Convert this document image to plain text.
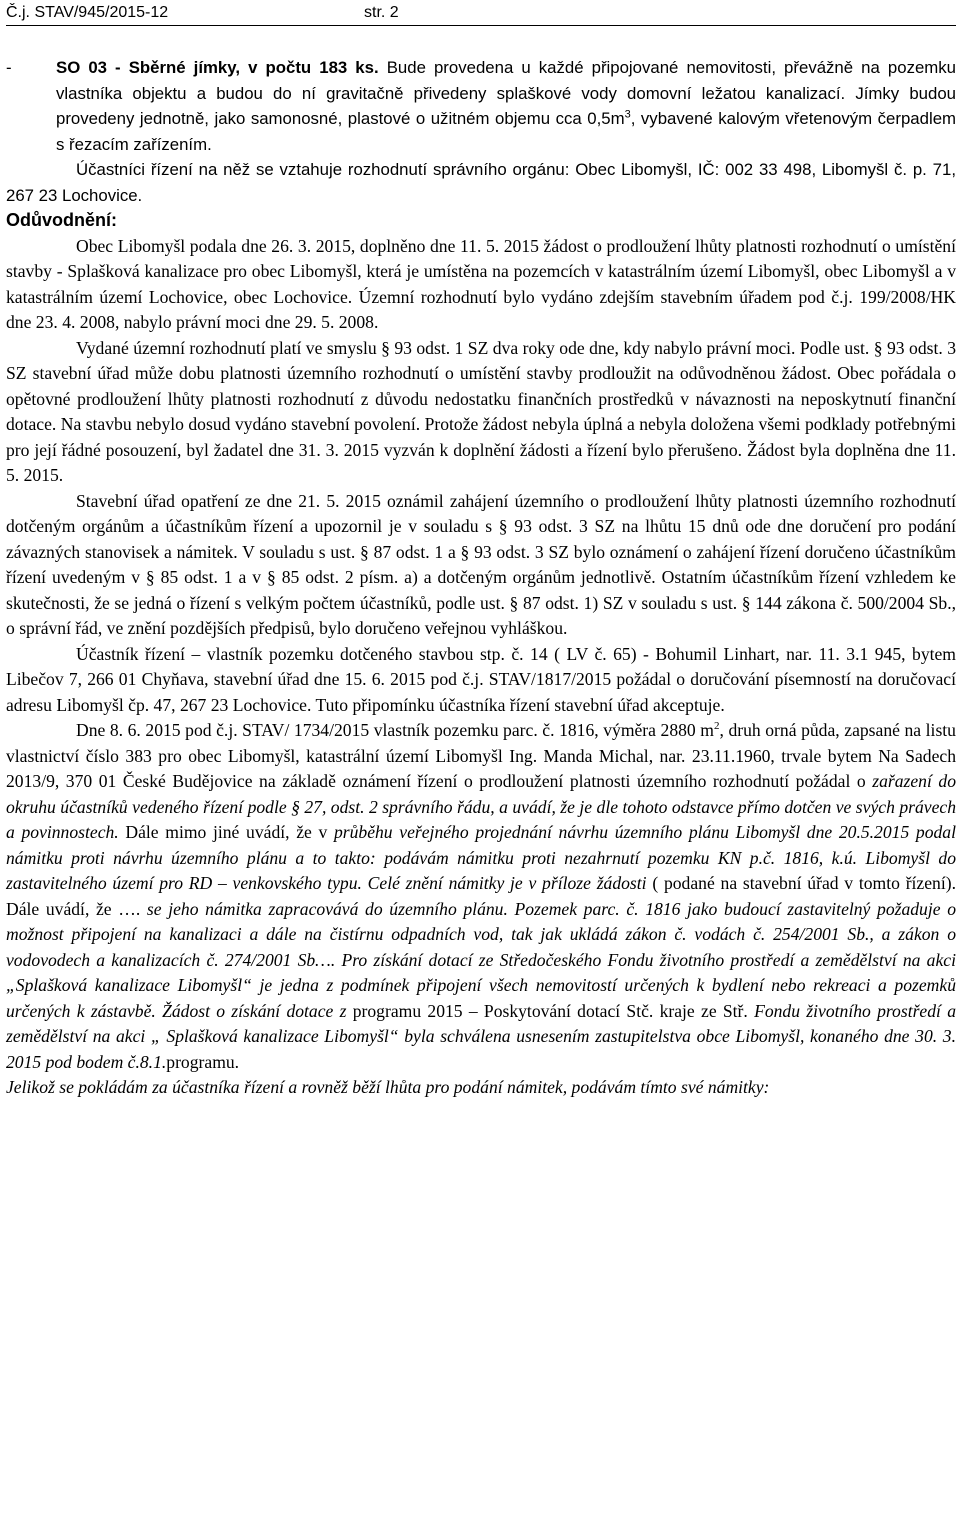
Č.j. STAV/945/2015-12	str. 2
-	SO 03 - Sběrné jímky, v počtu 183 ks. Bude provedena u každé připojované nemovitosti, převážně na pozemku vlastníka objektu a budou do ní gravitačně přivedeny splaškové vody domovní ležatou kanalizací. Jímky budou provedeny jednotně, jako samonosné, plastové o užitném objemu cca $0,5m^3$, vybavené kalovým vřetenovým čerpadlem s řezacím zařízením.

Účastníci řízení na něž se vztahuje rozhodnutí správního orgánu: Obec Libomyšl, IČ: 002 33 498, Libomyšl č. p. 71, 267 23 Lochovice.

Odůvodnění:

Obec Libomyšl podala dne 26. 3. 2015, doplněno dne 11. 5. 2015 žádost o prodloužení lhůty platnosti rozhodnutí o umístění stavby - Splašková kanalizace pro obec Libomyšl, která je umístěna na pozemcích v katastrálním území Libomyšl, obec Libomyšl a v katastrálním území Lochovice, obec Lochovice. Územní rozhodnutí bylo vydáno zdejším stavebním úřadem pod č.j. 199/2008/HK dne 23. 4. 2008, nabylo právní moci dne 29. 5. 2008.

Vydané územní rozhodnutí platí ve smyslu § 93 odst. 1 SZ dva roky ode dne, kdy nabylo právní moci. Podle ust. § 93 odst. 3 SZ stavební úřad může dobu platnosti územního rozhodnutí o umístění stavby prodloužit na odůvodněnou žádost. Obec pořádala o opětovné prodloužení lhůty platnosti rozhodnutí z důvodu nedostatku finančních prostředků v návaznosti na neposkytnutí finanční dotace. Na stavbu nebylo dosud vydáno stavební povolení. Protože žádost nebyla úplná a nebyla doložena všemi podklady potřebnými pro její řádné posouzení, byl žadatel dne 31. 3. 2015 vyzván k doplnění žádosti a řízení bylo přerušeno. Žádost byla doplněna dne 11. 5. 2015.

Stavební úřad opatření ze dne 21. 5. 2015 oznámil zahájení územního o prodloužení lhůty platnosti územního rozhodnutí dotčeným orgánům a účastníkům řízení a upozornil je v souladu s § 93 odst. 3 SZ na lhůtu 15 dnů ode dne doručení pro podání závazných stanovisek a námitek. V souladu s ust. § 87 odst. 1 a § 93 odst. 3 SZ bylo oznámení o zahájení řízení doručeno účastníkům řízení uvedeným v § 85 odst. 1 a v § 85 odst. 2 písm. a) a dotčeným orgánům jednotlivě. Ostatním účastníkům řízení vzhledem ke skutečnosti, že se jedná o řízení s velkým počtem účastníků, podle ust. § 87 odst. 1) SZ v souladu s ust. § 144 zákona č. 500/2004 Sb., o správní řád, ve znění pozdějších předpisů, bylo doručeno veřejnou vyhláškou.

Účastník řízení – vlastník pozemku dotčeného stavbou stp. č. 14 ( LV č. 65) - Bohumil Linhart, nar. 11. 3.1 945, bytem Libečov 7, 266 01 Chyňava, stavební úřad dne 15. 6. 2015 pod č.j. STAV/1817/2015 požádal o doručování písemností na doručovací adresu Libomyšl čp. 47, 267 23 Lochovice. Tuto připomínku účastníka řízení stavební úřad akceptuje.

Dne 8. 6. 2015 pod č.j. STAV/ 1734/2015 vlastník pozemku parc. č. 1816, výměra 2880 $m^2$, druh orná půda, zapsané na listu vlastnictví číslo 383 pro obec Libomyšl, katastrální území Libomyšl Ing. Manda Michal, nar. 23.11.1960, trvale bytem Na Sadech 2013/9, 370 01 České Budějovice na základě oznámení řízení o prodloužení platnosti územního rozhodnutí požádal o zařazení do okruhu účastníků vedeného řízení podle § 27, odst. 2 správního řádu, a uvádí, že je dle tohoto odstavce přímo dotčen ve svých právech a povinnostech. Dále mimo jiné uvádí, že v průběhu veřejného projednání návrhu územního plánu Libomyšl dne 20.5.2015 podal námitku proti návrhu územního plánu a to takto: podávám námitku proti nezahrnutí pozemku KN p.č. 1816, k.ú. Libomyšl do zastavitelného území pro RD – venkovského typu. Celé znění námitky je v příloze žádosti ( podané na stavební úřad v tomto řízení). Dále uvádí, že …. se jeho námitka zapracovává do územního plánu. Pozemek parc. č. 1816 jako budoucí zastavitelný požaduje o možnost připojení na kanalizaci a dále na čistírnu odpadních vod, tak jak ukládá zákon č. vodách č. 254/2001 Sb., a zákon o vodovodech a kanalizacích č. 274/2001 Sb…. Pro získání dotací ze Středočeského Fondu životního prostředí a zemědělství na akci „Splašková kanalizace Libomyšl“ je jedna z podmínek připojení všech nemovitostí určených k bydlení nebo rekreaci a pozemků určených k zástavbě. Žádost o získání dotace z programu 2015 – Poskytování dotací Stč. kraje ze Stř. Fondu životního prostředí a zemědělství na akci „ Splašková kanalizace Libomyšl“ byla schválena usnesením zastupitelstva obce Libomyšl, konaného dne 30. 3. 2015 pod bodem č.8.1.programu.

Jelikož se pokládám za účastníka řízení a rovněž běží lhůta pro podání námitek, podávám tímto své námitky:
